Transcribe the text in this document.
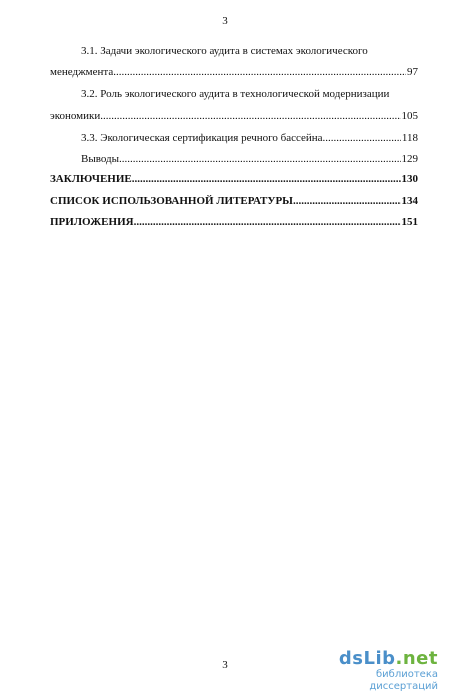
3
3.1. Задачи экологического аудита в системах экологического
менеджмента .....	97
3.2. Роль экологического аудита в технологической модернизации
экономики .....	105
3.3. Экологическая сертификация речного бассейна .....	118
Выводы .....	129
ЗАКЛЮЧЕНИЕ .....	130
СПИСОК ИСПОЛЬЗОВАННОЙ ЛИТЕРАТУРЫ .....	134
ПРИЛОЖЕНИЯ .....	151
3	dsLib.net
библиотека диссертаций
